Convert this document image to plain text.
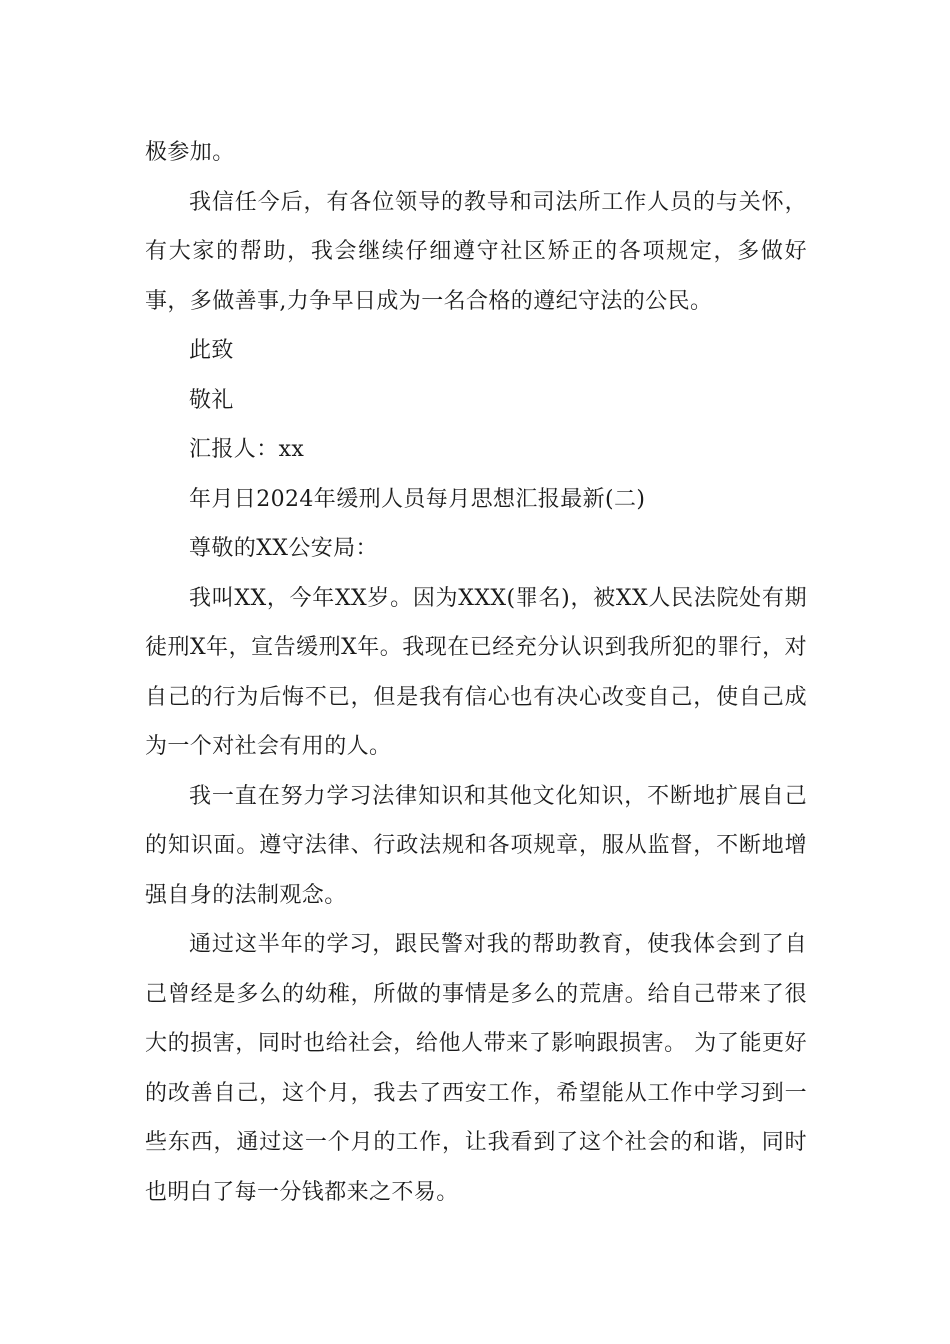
极参加。

我信任今后，有各位领导的教导和司法所工作人员的与关怀，有大家的帮助，我会继续仔细遵守社区矫正的各项规定，多做好事，多做善事,力争早日成为一名合格的遵纪守法的公民。

此致

敬礼

汇报人：xx

年月日2024年缓刑人员每月思想汇报最新(二)

尊敬的XX公安局：

我叫XX，今年XX岁。因为XXX(罪名)，被XX人民法院处有期徒刑X年，宣告缓刑X年。我现在已经充分认识到我所犯的罪行，对自己的行为后悔不已，但是我有信心也有决心改变自己，使自己成为一个对社会有用的人。

我一直在努力学习法律知识和其他文化知识，不断地扩展自己的知识面。遵守法律、行政法规和各项规章，服从监督，不断地增强自身的法制观念。

通过这半年的学习，跟民警对我的帮助教育，使我体会到了自己曾经是多么的幼稚，所做的事情是多么的荒唐。给自己带来了很大的损害，同时也给社会，给他人带来了影响跟损害。 为了能更好的改善自己，这个月，我去了西安工作，希望能从工作中学习到一些东西，通过这一个月的工作，让我看到了这个社会的和谐，同时也明白了每一分钱都来之不易。
